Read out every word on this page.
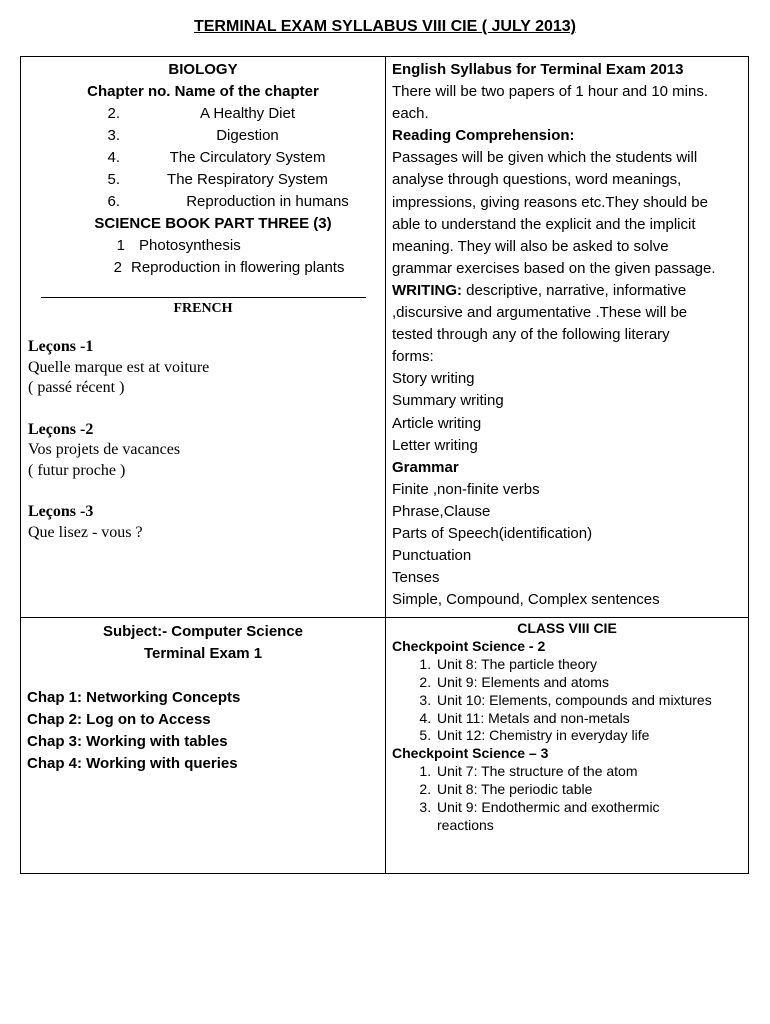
TERMINAL EXAM SYLLABUS VIII CIE ( JULY 2013)
BIOLOGY
Chapter no. Name of the chapter
2.	A Healthy Diet
3.	Digestion
4.	The Circulatory System
5.	The Respiratory System
6.	Reproduction in humans
SCIENCE BOOK PART THREE (3)
1 Photosynthesis
2 Reproduction in flowering plants
FRENCH
Leçons -1
Quelle marque est at voiture
( passé récent )
Leçons -2
Vos projets de vacances
( futur proche )
Leçons -3
Que lisez - vous ?
English Syllabus for Terminal Exam 2013
There will be two papers of 1 hour and 10 mins.
each.
Reading Comprehension:
Passages will be given which the students will
analyse through questions, word meanings,
impressions, giving reasons etc.They should be
able to understand the explicit and the implicit
meaning. They will also be asked to solve
grammar exercises based on the given passage.
WRITING: descriptive, narrative, informative
,discursive and argumentative .These will be
tested through any of the following literary
forms:
Story writing
Summary writing
Article writing
Letter writing
Grammar
Finite ,non-finite verbs
Phrase,Clause
Parts of Speech(identification)
Punctuation
Tenses
Simple, Compound, Complex sentences
Subject:- Computer Science
Terminal Exam 1
Chap 1: Networking Concepts
Chap 2: Log on to Access
Chap 3: Working with tables
Chap 4: Working with queries
CLASS VIII CIE
Checkpoint Science - 2
1. Unit 8: The particle theory
2. Unit 9: Elements and atoms
3. Unit 10: Elements, compounds and mixtures
4. Unit 11: Metals and non-metals
5. Unit 12: Chemistry in everyday life
Checkpoint Science – 3
1. Unit 7: The structure of the atom
2. Unit 8: The periodic table
3. Unit 9: Endothermic and exothermic reactions
